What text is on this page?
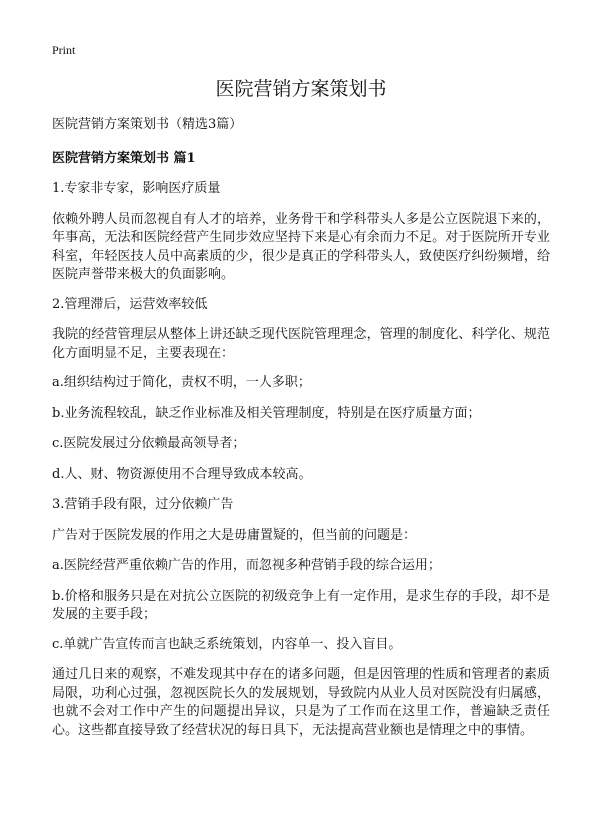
Print
医院营销方案策划书

医院营销方案策划书（精选3篇）

医院营销方案策划书 篇1

1.专家非专家，影响医疗质量

依赖外聘人员而忽视自有人才的培养，业务骨干和学科带头人多是公立医院退下来的，年事高，无法和医院经营产生同步效应坚持下来是心有余而力不足。对于医院所开专业科室，年轻医技人员中高素质的少，很少是真正的学科带头人，致使医疗纠纷频增，给医院声誉带来极大的负面影响。

2.管理滞后，运营效率较低

我院的经营管理层从整体上讲还缺乏现代医院管理理念，管理的制度化、科学化、规范化方面明显不足，主要表现在：

a.组织结构过于简化，责权不明，一人多职；

b.业务流程较乱，缺乏作业标准及相关管理制度，特别是在医疗质量方面；

c.医院发展过分依赖最高领导者；

d.人、财、物资源使用不合理导致成本较高。

3.营销手段有限，过分依赖广告

广告对于医院发展的作用之大是毋庸置疑的，但当前的问题是：

a.医院经营严重依赖广告的作用，而忽视多种营销手段的综合运用；

b.价格和服务只是在对抗公立医院的初级竞争上有一定作用，是求生存的手段，却不是发展的主要手段；

c.单就广告宣传而言也缺乏系统策划，内容单一、投入盲目。

通过几日来的观察，不难发现其中存在的诸多问题，但是因管理的性质和管理者的素质局限，功利心过强，忽视医院长久的发展规划，导致院内从业人员对医院没有归属感，也就不会对工作中产生的问题提出异议，只是为了工作而在这里工作，普遍缺乏责任心。这些都直接导致了经营状况的每日具下，无法提高营业额也是情理之中的事情。
